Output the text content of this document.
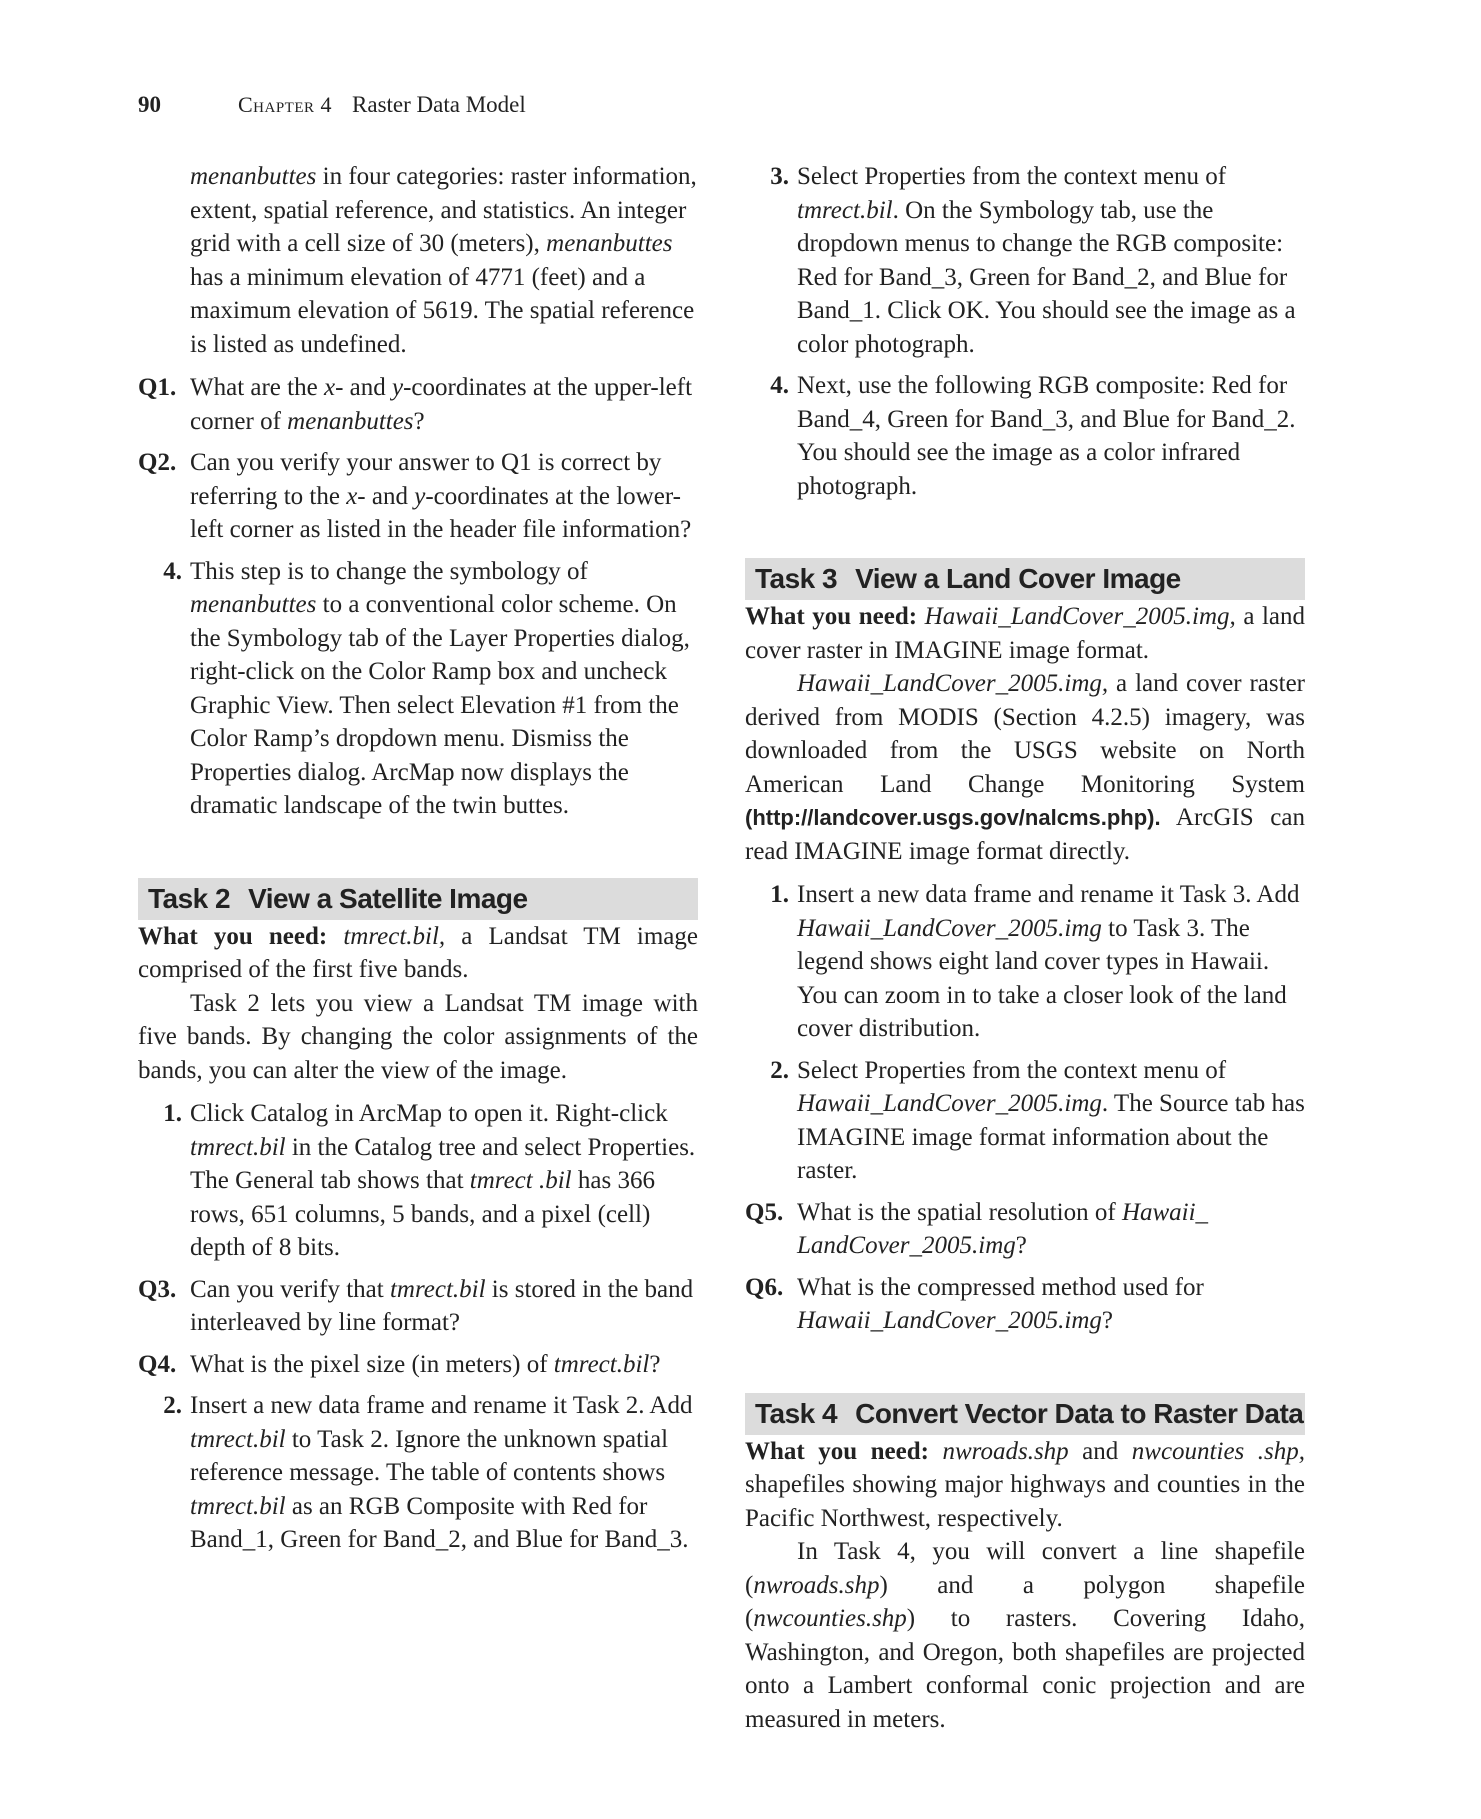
90	Chapter 4 Raster Data Model

menanbuttes in four categories: raster information, extent, spatial reference, and statistics. An integer grid with a cell size of 30 (meters), menanbuttes has a minimum elevation of 4771 (feet) and a maximum elevation of 5619. The spatial reference is listed as undefined.

Q1. What are the x- and y-coordinates at the upper-left corner of menanbuttes?
Q2. Can you verify your answer to Q1 is correct by referring to the x- and y-coordinates at the lower-left corner as listed in the header file information?
4. This step is to change the symbology of menanbuttes to a conventional color scheme. On the Symbology tab of the Layer Properties dialog, right-click on the Color Ramp box and uncheck Graphic View. Then select Elevation #1 from the Color Ramp’s dropdown menu. Dismiss the Properties dialog. ArcMap now displays the dramatic landscape of the twin buttes.
Task 2 View a Satellite Image

What you need: tmrect.bil, a Landsat TM image comprised of the first five bands.

Task 2 lets you view a Landsat TM image with five bands. By changing the color assignments of the bands, you can alter the view of the image.

1. Click Catalog in ArcMap to open it. Right-click tmrect.bil in the Catalog tree and select Properties. The General tab shows that tmrect .bil has 366 rows, 651 columns, 5 bands, and a pixel (cell) depth of 8 bits.
Q3. Can you verify that tmrect.bil is stored in the band interleaved by line format?
Q4. What is the pixel size (in meters) of tmrect.bil?
2. Insert a new data frame and rename it Task 2. Add tmrect.bil to Task 2. Ignore the unknown spatial reference message. The table of contents shows tmrect.bil as an RGB Composite with Red for Band_1, Green for Band_2, and Blue for Band_3.
3. Select Properties from the context menu of tmrect.bil. On the Symbology tab, use the dropdown menus to change the RGB composite: Red for Band_3, Green for Band_2, and Blue for Band_1. Click OK. You should see the image as a color photograph.
4. Next, use the following RGB composite: Red for Band_4, Green for Band_3, and Blue for Band_2. You should see the image as a color infrared photograph.
Task 3 View a Land Cover Image

What you need: Hawaii_LandCover_2005.img, a land cover raster in IMAGINE image format.

Hawaii_LandCover_2005.img, a land cover raster derived from MODIS (Section 4.2.5) imagery, was downloaded from the USGS website on North American Land Change Monitoring System (http://landcover.usgs.gov/nalcms.php). ArcGIS can read IMAGINE image format directly.

1. Insert a new data frame and rename it Task 3. Add Hawaii_LandCover_2005.img to Task 3. The legend shows eight land cover types in Hawaii. You can zoom in to take a closer look of the land cover distribution.
2. Select Properties from the context menu of Hawaii_LandCover_2005.img. The Source tab has IMAGINE image format information about the raster.
Q5. What is the spatial resolution of Hawaii_ LandCover_2005.img?
Q6. What is the compressed method used for Hawaii_LandCover_2005.img?
Task 4 Convert Vector Data to Raster Data

What you need: nwroads.shp and nwcounties .shp, shapefiles showing major highways and counties in the Pacific Northwest, respectively.

In Task 4, you will convert a line shapefile (nwroads.shp) and a polygon shapefile (nwcounties.shp) to rasters. Covering Idaho, Washington, and Oregon, both shapefiles are projected onto a Lambert conformal conic projection and are measured in meters.
